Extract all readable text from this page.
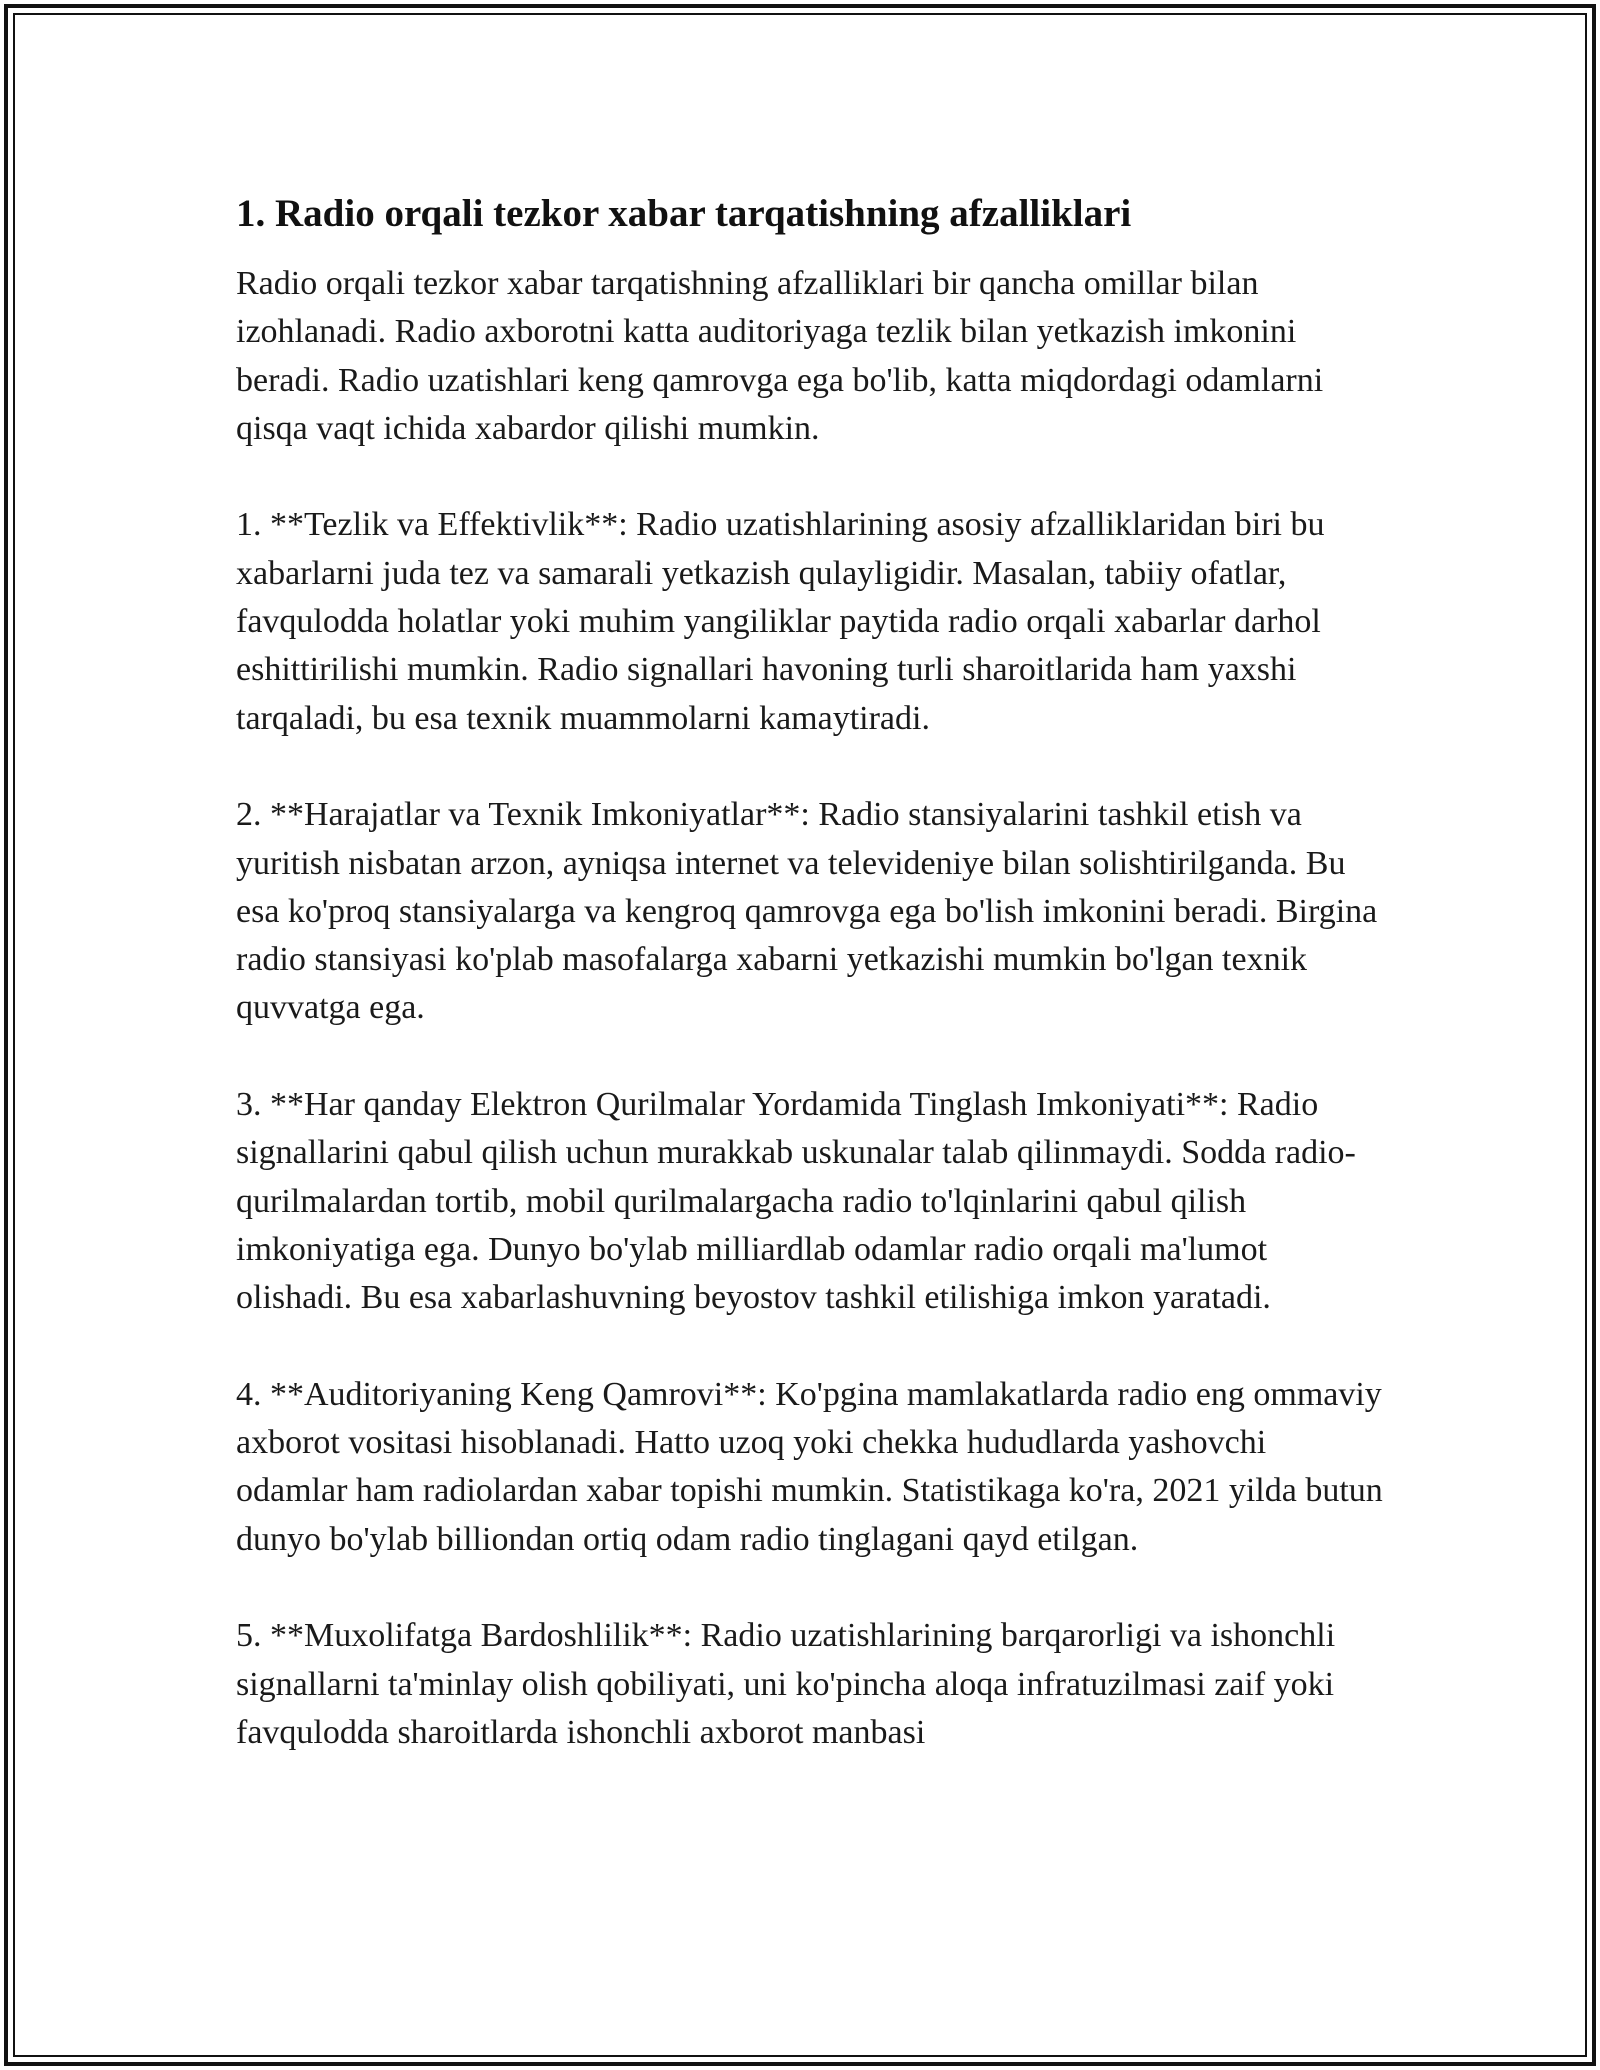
1. Radio orqali tezkor xabar tarqatishning afzalliklari

Radio orqali tezkor xabar tarqatishning afzalliklari bir qancha omillar bilan izohlanadi. Radio axborotni katta auditoriyaga tezlik bilan yetkazish imkonini beradi. Radio uzatishlari keng qamrovga ega bo'lib, katta miqdordagi odamlarni qisqa vaqt ichida xabardor qilishi mumkin.

1. **Tezlik va Effektivlik**: Radio uzatishlarining asosiy afzalliklaridan biri bu xabarlarni juda tez va samarali yetkazish qulayligidir. Masalan, tabiiy ofatlar, favqulodda holatlar yoki muhim yangiliklar paytida radio orqali xabarlar darhol eshittirilishi mumkin. Radio signallari havoning turli sharoitlarida ham yaxshi tarqaladi, bu esa texnik muammolarni kamaytiradi.

2. **Harajatlar va Texnik Imkoniyatlar**: Radio stansiyalarini tashkil etish va yuritish nisbatan arzon, ayniqsa internet va televideniye bilan solishtirilganda. Bu esa ko'proq stansiyalarga va kengroq qamrovga ega bo'lish imkonini beradi. Birgina radio stansiyasi ko'plab masofalarga xabarni yetkazishi mumkin bo'lgan texnik quvvatga ega.

3. **Har qanday Elektron Qurilmalar Yordamida Tinglash Imkoniyati**: Radio signallarini qabul qilish uchun murakkab uskunalar talab qilinmaydi. Sodda radio-qurilmalardan tortib, mobil qurilmalargacha radio to'lqinlarini qabul qilish imkoniyatiga ega. Dunyo bo'ylab milliardlab odamlar radio orqali ma'lumot olishadi. Bu esa xabarlashuvning beyostov tashkil etilishiga imkon yaratadi.

4. **Auditoriyaning Keng Qamrovi**: Ko'pgina mamlakatlarda radio eng ommaviy axborot vositasi hisoblanadi. Hatto uzoq yoki chekka hududlarda yashovchi odamlar ham radiolardan xabar topishi mumkin. Statistikaga ko'ra, 2021 yilda butun dunyo bo'ylab billiondan ortiq odam radio tinglagani qayd etilgan.

5. **Muxolifatga Bardoshlilik**: Radio uzatishlarining barqarorligi va ishonchli signallarni ta'minlay olish qobiliyati, uni ko'pincha aloqa infratuzilmasi zaif yoki favqulodda sharoitlarda ishonchli axborot manbasi
